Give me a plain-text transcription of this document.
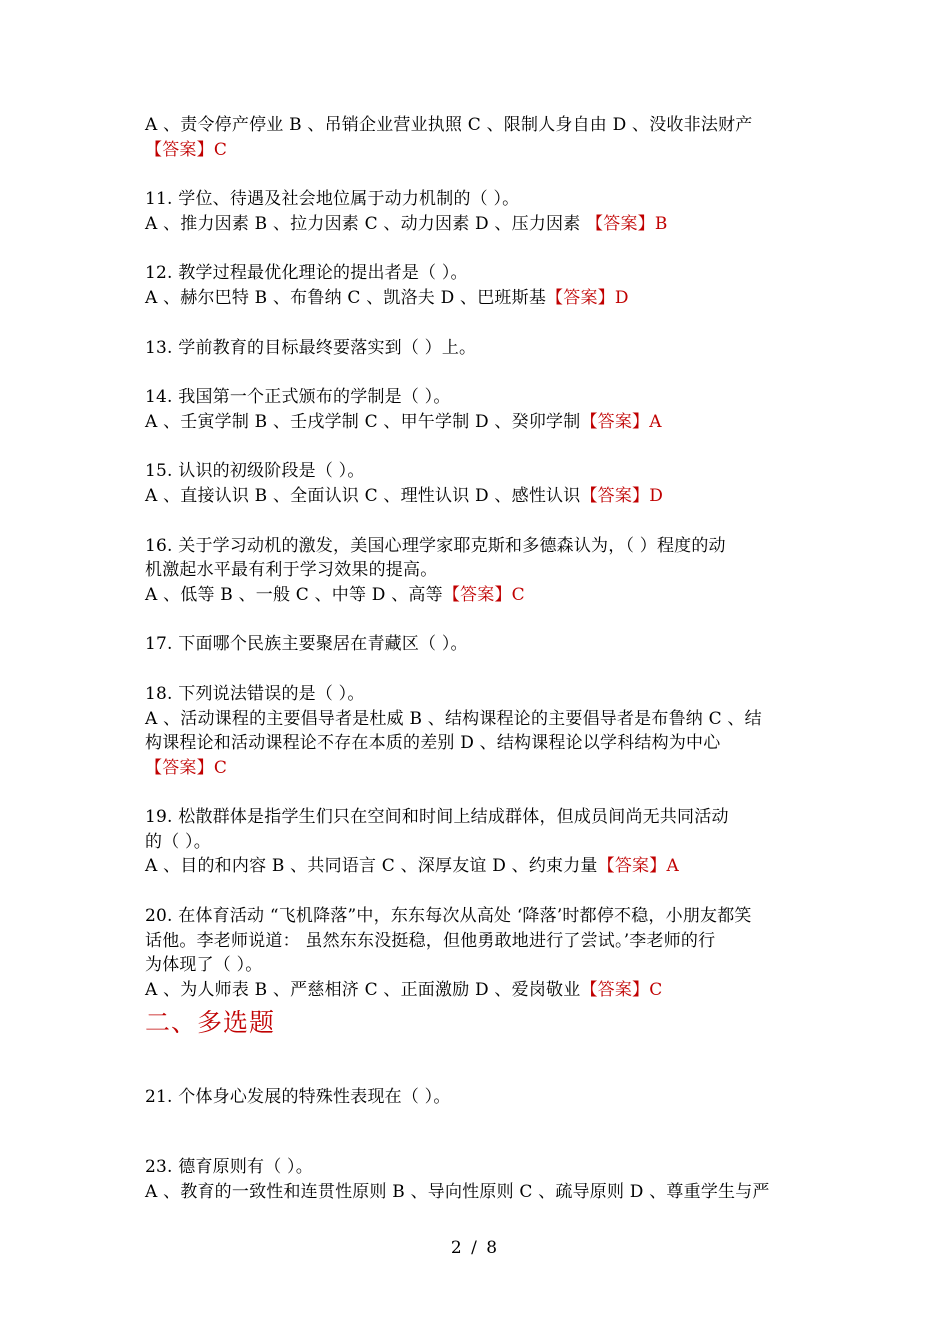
A 、责令停产停业 B 、吊销企业营业执照 C 、限制人身自由 D 、没收非法财产

【答案】C

11. 学位、待遇及社会地位属于动力机制的（ ）。

A 、推力因素 B 、拉力因素 C 、动力因素 D 、压力因素 【答案】B

12. 教学过程最优化理论的提出者是（ ）。

A 、赫尔巴特 B 、布鲁纳 C 、凯洛夫 D 、巴班斯基【答案】D

13. 学前教育的目标最终要落实到（ ）上。

14. 我国第一个正式颁布的学制是（ ）。

A 、壬寅学制 B 、壬戌学制 C 、甲午学制 D 、癸卯学制【答案】A

15. 认识的初级阶段是（ ）。

A 、直接认识 B 、全面认识 C 、理性认识 D 、感性认识【答案】D

16. 关于学习动机的激发，美国心理学家耶克斯和多德森认为，（ ）程度的动

机激起水平最有利于学习效果的提高。

A 、低等 B 、一般 C 、中等 D 、高等【答案】C

17. 下面哪个民族主要聚居在青藏区（ ）。

18. 下列说法错误的是（ ）。

A 、活动课程的主要倡导者是杜威 B 、结构课程论的主要倡导者是布鲁纳 C 、结

构课程论和活动课程论不存在本质的差别 D 、结构课程论以学科结构为中心

【答案】C

19. 松散群体是指学生们只在空间和时间上结成群体，但成员间尚无共同活动

的（ ）。

A 、目的和内容 B 、共同语言 C 、深厚友谊 D 、约束力量【答案】A

20. 在体育活动 “飞机降落”中，东东每次从高处 ‘降落’时都停不稳，小朋友都笑

话他。李老师说道： 虽然东东没挺稳，但他勇敢地进行了尝试。’李老师的行

为体现了（ ）。

A 、为人师表 B 、严慈相济 C 、正面激励 D 、爱岗敬业【答案】C

二、多选题

21. 个体身心发展的特殊性表现在（ ）。

23. 德育原则有（ ）。

A 、教育的一致性和连贯性原则 B 、导向性原则 C 、疏导原则 D 、尊重学生与严

2 / 8
